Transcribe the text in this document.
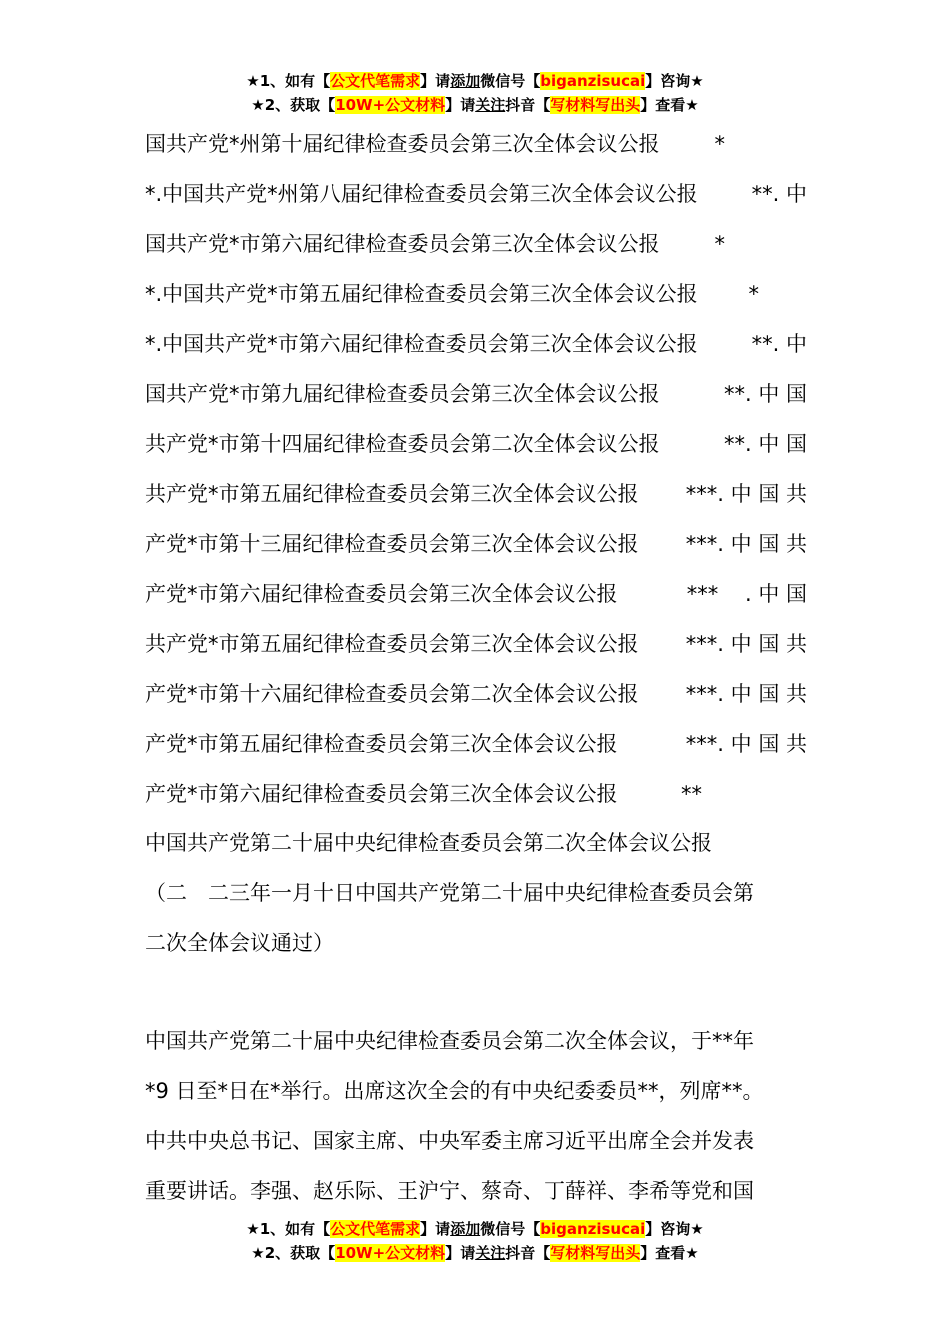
★1、如有【公文代笔需求】请添加微信号【biganzisucai】咨询★
★2、获取【10W+公文材料】请关注抖音【写材料写出头】查看★
国共产党*州第十届纪律检查委员会第三次全体会议公报	*
*.中国共产党*州第八届纪律检查委员会第三次全体会议公报	**. 中
国共产党*市第六届纪律检查委员会第三次全体会议公报	*
*.中国共产党*市第五届纪律检查委员会第三次全体会议公报 *
*.中国共产党*市第六届纪律检查委员会第三次全体会议公报	**. 中
国共产党*市第九届纪律检查委员会第三次全体会议公报	**. 中 国
共产党*市第十四届纪律检查委员会第二次全体会议公报	**. 中 国
共产党*市第五届纪律检查委员会第三次全体会议公报 ***. 中 国 共
产党*市第十三届纪律检查委员会第三次全体会议公报 ***. 中 国 共
产党*市第六届纪律检查委员会第三次全体会议公报	***    . 中 国
共产党*市第五届纪律检查委员会第三次全体会议公报 ***. 中 国 共
产党*市第十六届纪律检查委员会第二次全体会议公报 ***. 中 国 共
产党*市第五届纪律检查委员会第三次全体会议公报	***. 中 国 共
产党*市第六届纪律检查委员会第三次全体会议公报	**
中国共产党第二十届中央纪律检查委员会第二次全体会议公报
（二　二三年一月十日中国共产党第二十届中央纪律检查委员会第
二次全体会议通过）
中国共产党第二十届中央纪律检查委员会第二次全体会议，于**年
*9 日至*日在*举行。出席这次全会的有中央纪委委员**，列席**。
中共中央总书记、国家主席、中央军委主席习近平出席全会并发表
重要讲话。李强、赵乐际、王沪宁、蔡奇、丁薛祥、李希等党和国
★1、如有【公文代笔需求】请添加微信号【biganzisucai】咨询★
★2、获取【10W+公文材料】请关注抖音【写材料写出头】查看★
